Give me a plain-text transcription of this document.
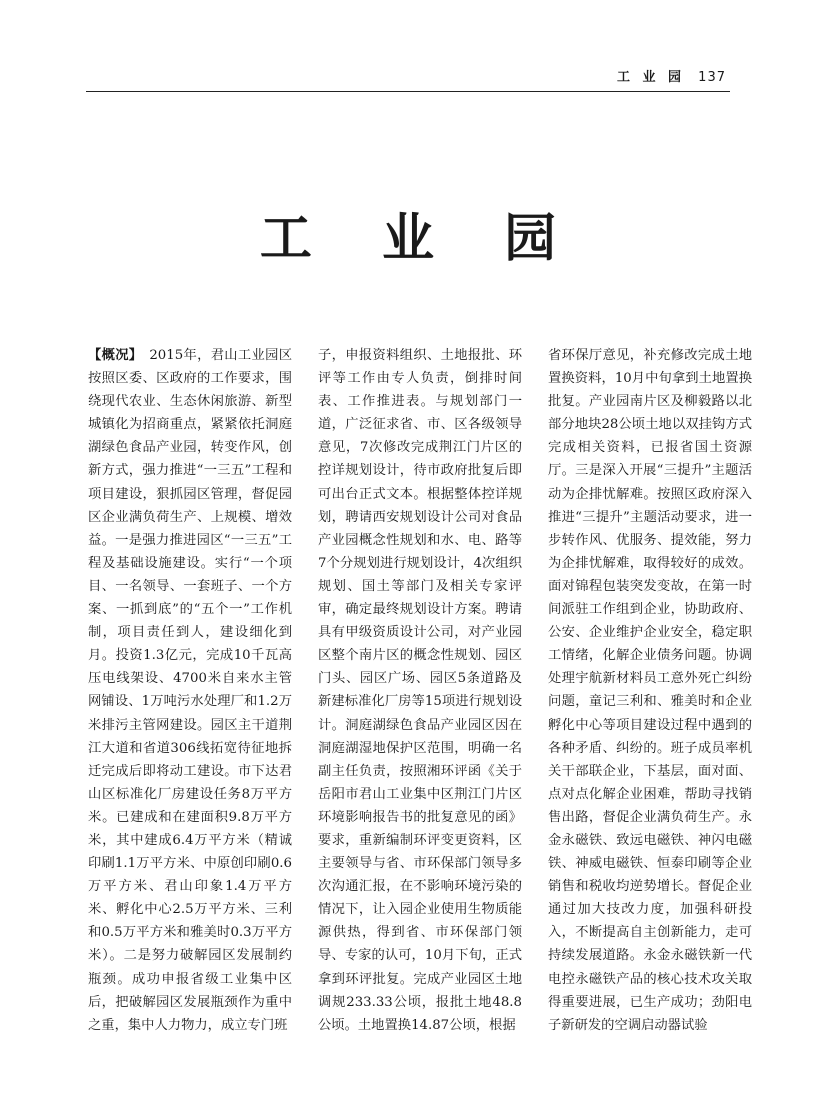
工 业 园 137
工 业 园
【概况】　2015年，君山工业园区按照区委、区政府的工作要求，围绕现代农业、生态休闲旅游、新型城镇化为招商重点，紧紧依托洞庭湖绿色食品产业园，转变作风，创新方式，强力推进“一三五”工程和项目建设，狠抓园区管理，督促园区企业满负荷生产、上规模、增效益。一是强力推进园区“一三五”工程及基础设施建设。实行“一个项目、一名领导、一套班子、一个方案、一抓到底”的“五个一”工作机制，项目责任到人，建设细化到月。投资1.3亿元，完成10千瓦高压电线架设、4700米自来水主管网铺设、1万吨污水处理厂和1.2万米排污主管网建设。园区主干道荆江大道和省道306线拓宽待征地拆迁完成后即将动工建设。市下达君山区标准化厂房建设任务8万平方米。已建成和在建面积9.8万平方米，其中建成6.4万平方米（精诚印刷1.1万平方米、中原创印刷0.6万平方米、君山印象1.4万平方米、孵化中心2.5万平方米、三利和0.5万平方米和雅美时0.3万平方米）。二是努力破解园区发展制约瓶颈。成功申报省级工业集中区后，把破解园区发展瓶颈作为重中之重，集中人力物力，成立专门班
子，申报资料组织、土地报批、环评等工作由专人负责，倒排时间表、工作推进表。与规划部门一道，广泛征求省、市、区各级领导意见，7次修改完成荆江门片区的控详规划设计，待市政府批复后即可出台正式文本。根据整体控详规划，聘请西安规划设计公司对食品产业园概念性规划和水、电、路等7个分规划进行规划设计，4次组织规划、国土等部门及相关专家评审，确定最终规划设计方案。聘请具有甲级资质设计公司，对产业园区整个南片区的概念性规划、园区门头、园区广场、园区5条道路及新建标准化厂房等15项进行规划设计。洞庭湖绿色食品产业园区因在洞庭湖湿地保护区范围，明确一名副主任负责，按照湘环评函《关于岳阳市君山工业集中区荆江门片区环境影响报告书的批复意见的函》要求，重新编制环评变更资料，区主要领导与省、市环保部门领导多次沟通汇报，在不影响环境污染的情况下，让入园企业使用生物质能源供热，得到省、市环保部门领导、专家的认可，10月下旬，正式拿到环评批复。完成产业园区土地调规233.33公顷，报批土地48.8公顷。土地置换14.87公顷，根据
省环保厅意见，补充修改完成土地置换资料，10月中旬拿到土地置换批复。产业园南片区及柳毅路以北部分地块28公顷土地以双挂钩方式完成相关资料，已报省国土资源厅。三是深入开展“三提升”主题活动为企排忧解难。按照区政府深入推进“三提升”主题活动要求，进一步转作风、优服务、提效能，努力为企排忧解难，取得较好的成效。面对锦程包装突发变故，在第一时间派驻工作组到企业，协助政府、公安、企业维护企业安全，稳定职工情绪，化解企业债务问题。协调处理宇航新材料员工意外死亡纠纷问题，童记三利和、雅美时和企业孵化中心等项目建设过程中遇到的各种矛盾、纠纷的。班子成员率机关干部联企业，下基层，面对面、点对点化解企业困难，帮助寻找销售出路，督促企业满负荷生产。永金永磁铁、致远电磁铁、神闪电磁铁、神威电磁铁、恒泰印刷等企业销售和税收均逆势增长。督促企业通过加大技改力度，加强科研投入，不断提高自主创新能力，走可持续发展道路。永金永磁铁新一代电控永磁铁产品的核心技术攻关取得重要进展，已生产成功；劲阳电子新研发的空调启动器试验
